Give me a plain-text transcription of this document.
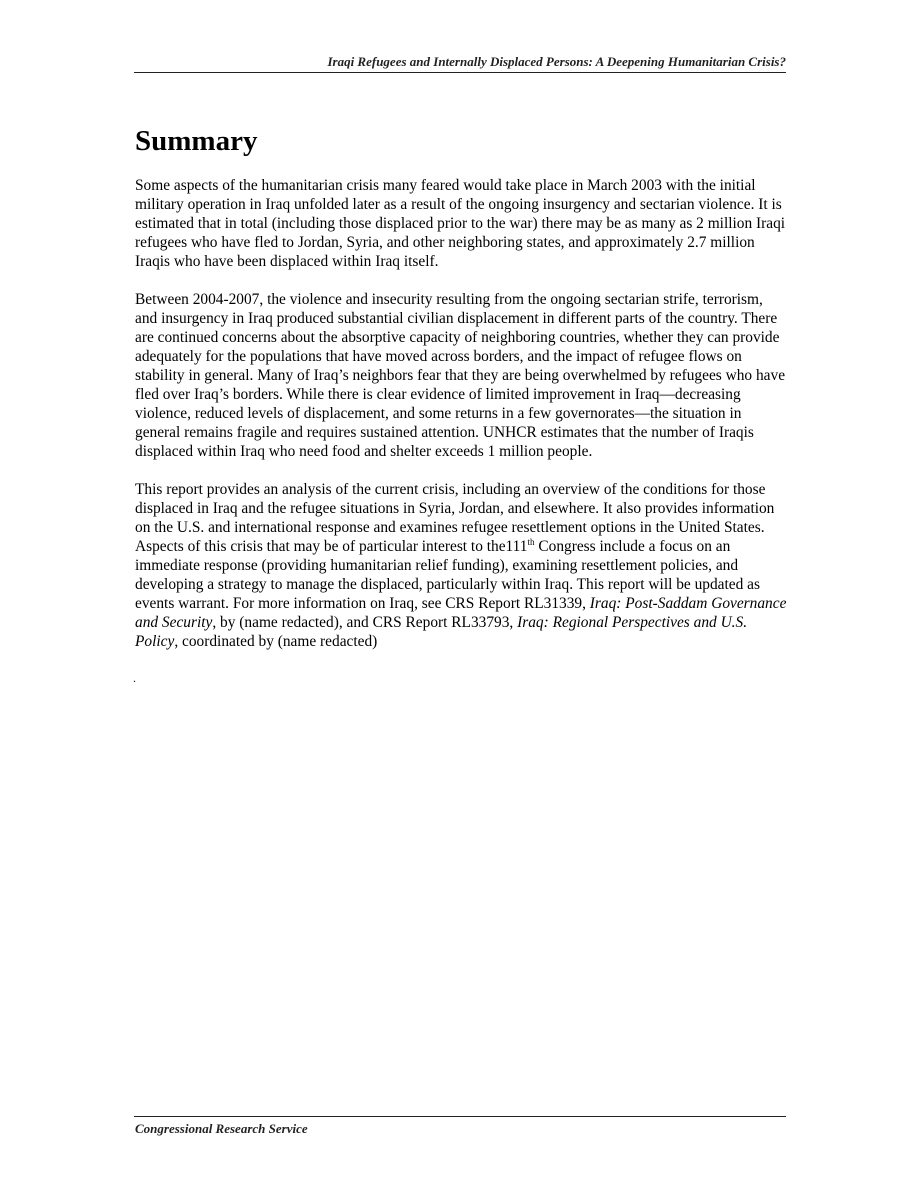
Iraqi Refugees and Internally Displaced Persons: A Deepening Humanitarian Crisis?
Summary

Some aspects of the humanitarian crisis many feared would take place in March 2003 with the initial military operation in Iraq unfolded later as a result of the ongoing insurgency and sectarian violence. It is estimated that in total (including those displaced prior to the war) there may be as many as 2 million Iraqi refugees who have fled to Jordan, Syria, and other neighboring states, and approximately 2.7 million Iraqis who have been displaced within Iraq itself.

Between 2004-2007, the violence and insecurity resulting from the ongoing sectarian strife, terrorism, and insurgency in Iraq produced substantial civilian displacement in different parts of the country. There are continued concerns about the absorptive capacity of neighboring countries, whether they can provide adequately for the populations that have moved across borders, and the impact of refugee flows on stability in general. Many of Iraq’s neighbors fear that they are being overwhelmed by refugees who have fled over Iraq’s borders. While there is clear evidence of limited improvement in Iraq—decreasing violence, reduced levels of displacement, and some returns in a few governorates—the situation in general remains fragile and requires sustained attention. UNHCR estimates that the number of Iraqis displaced within Iraq who need food and shelter exceeds 1 million people.

This report provides an analysis of the current crisis, including an overview of the conditions for those displaced in Iraq and the refugee situations in Syria, Jordan, and elsewhere. It also provides information on the U.S. and international response and examines refugee resettlement options in the United States. Aspects of this crisis that may be of particular interest to the111th Congress include a focus on an immediate response (providing humanitarian relief funding), examining resettlement policies, and developing a strategy to manage the displaced, particularly within Iraq. This report will be updated as events warrant. For more information on Iraq, see CRS Report RL31339, Iraq: Post-Saddam Governance and Security, by (name redacted), and CRS Report RL33793, Iraq: Regional Perspectives and U.S. Policy, coordinated by (name redacted)

.
Congressional Research Service
